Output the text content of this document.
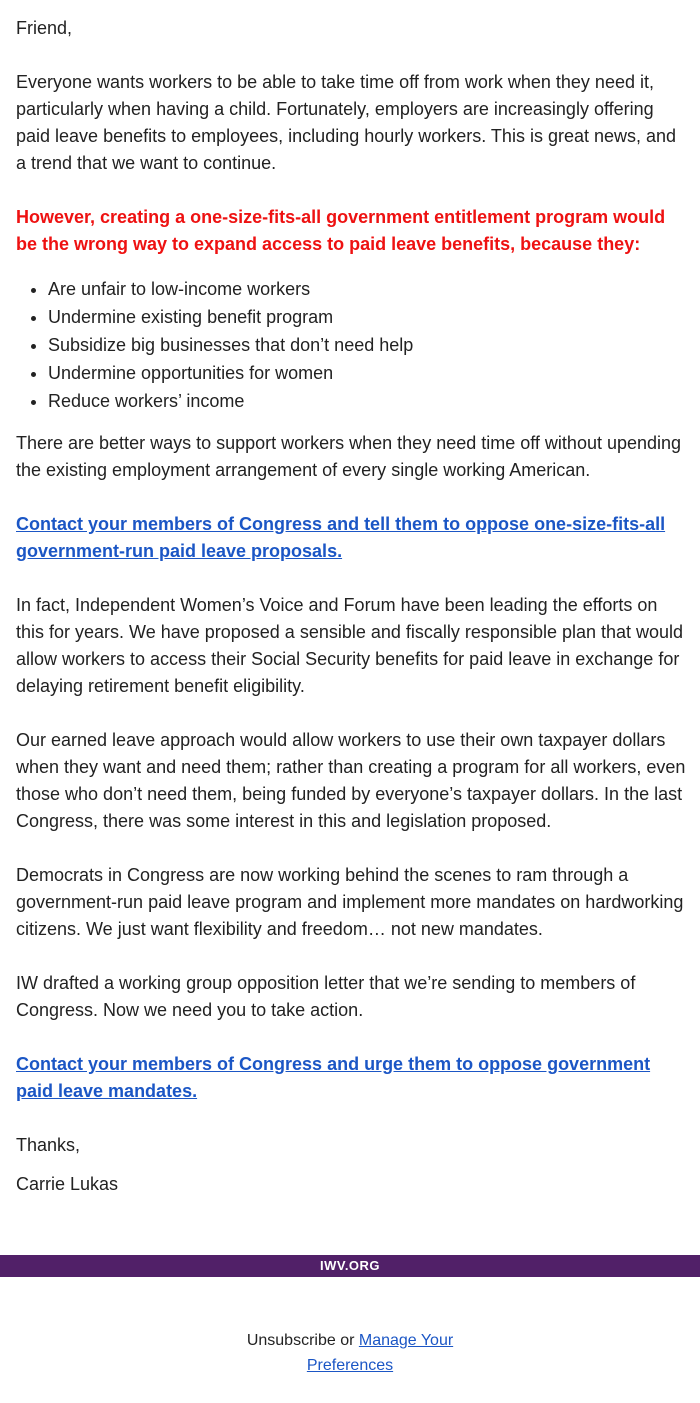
Friend,

Everyone wants workers to be able to take time off from work when they need it, particularly when having a child. Fortunately, employers are increasingly offering paid leave benefits to employees, including hourly workers. This is great news, and a trend that we want to continue.

However, creating a one-size-fits-all government entitlement program would be the wrong way to expand access to paid leave benefits, because they:

• Are unfair to low-income workers
• Undermine existing benefit program
• Subsidize big businesses that don’t need help
• Undermine opportunities for women
• Reduce workers’ income

There are better ways to support workers when they need time off without upending the existing employment arrangement of every single working American.

Contact your members of Congress and tell them to oppose one-size-fits-all government-run paid leave proposals.

In fact, Independent Women’s Voice and Forum have been leading the efforts on this for years. We have proposed a sensible and fiscally responsible plan that would allow workers to access their Social Security benefits for paid leave in exchange for delaying retirement benefit eligibility.

Our earned leave approach would allow workers to use their own taxpayer dollars when they want and need them; rather than creating a program for all workers, even those who don’t need them, being funded by everyone’s taxpayer dollars. In the last Congress, there was some interest in this and legislation proposed.

Democrats in Congress are now working behind the scenes to ram through a government-run paid leave program and implement more mandates on hardworking citizens. We just want flexibility and freedom… not new mandates.

IW drafted a working group opposition letter that we’re sending to members of Congress. Now we need you to take action.

Contact your members of Congress and urge them to oppose government paid leave mandates.

Thanks,

Carrie Lukas

IWV.ORG
Unsubscribe or Manage Your Preferences
